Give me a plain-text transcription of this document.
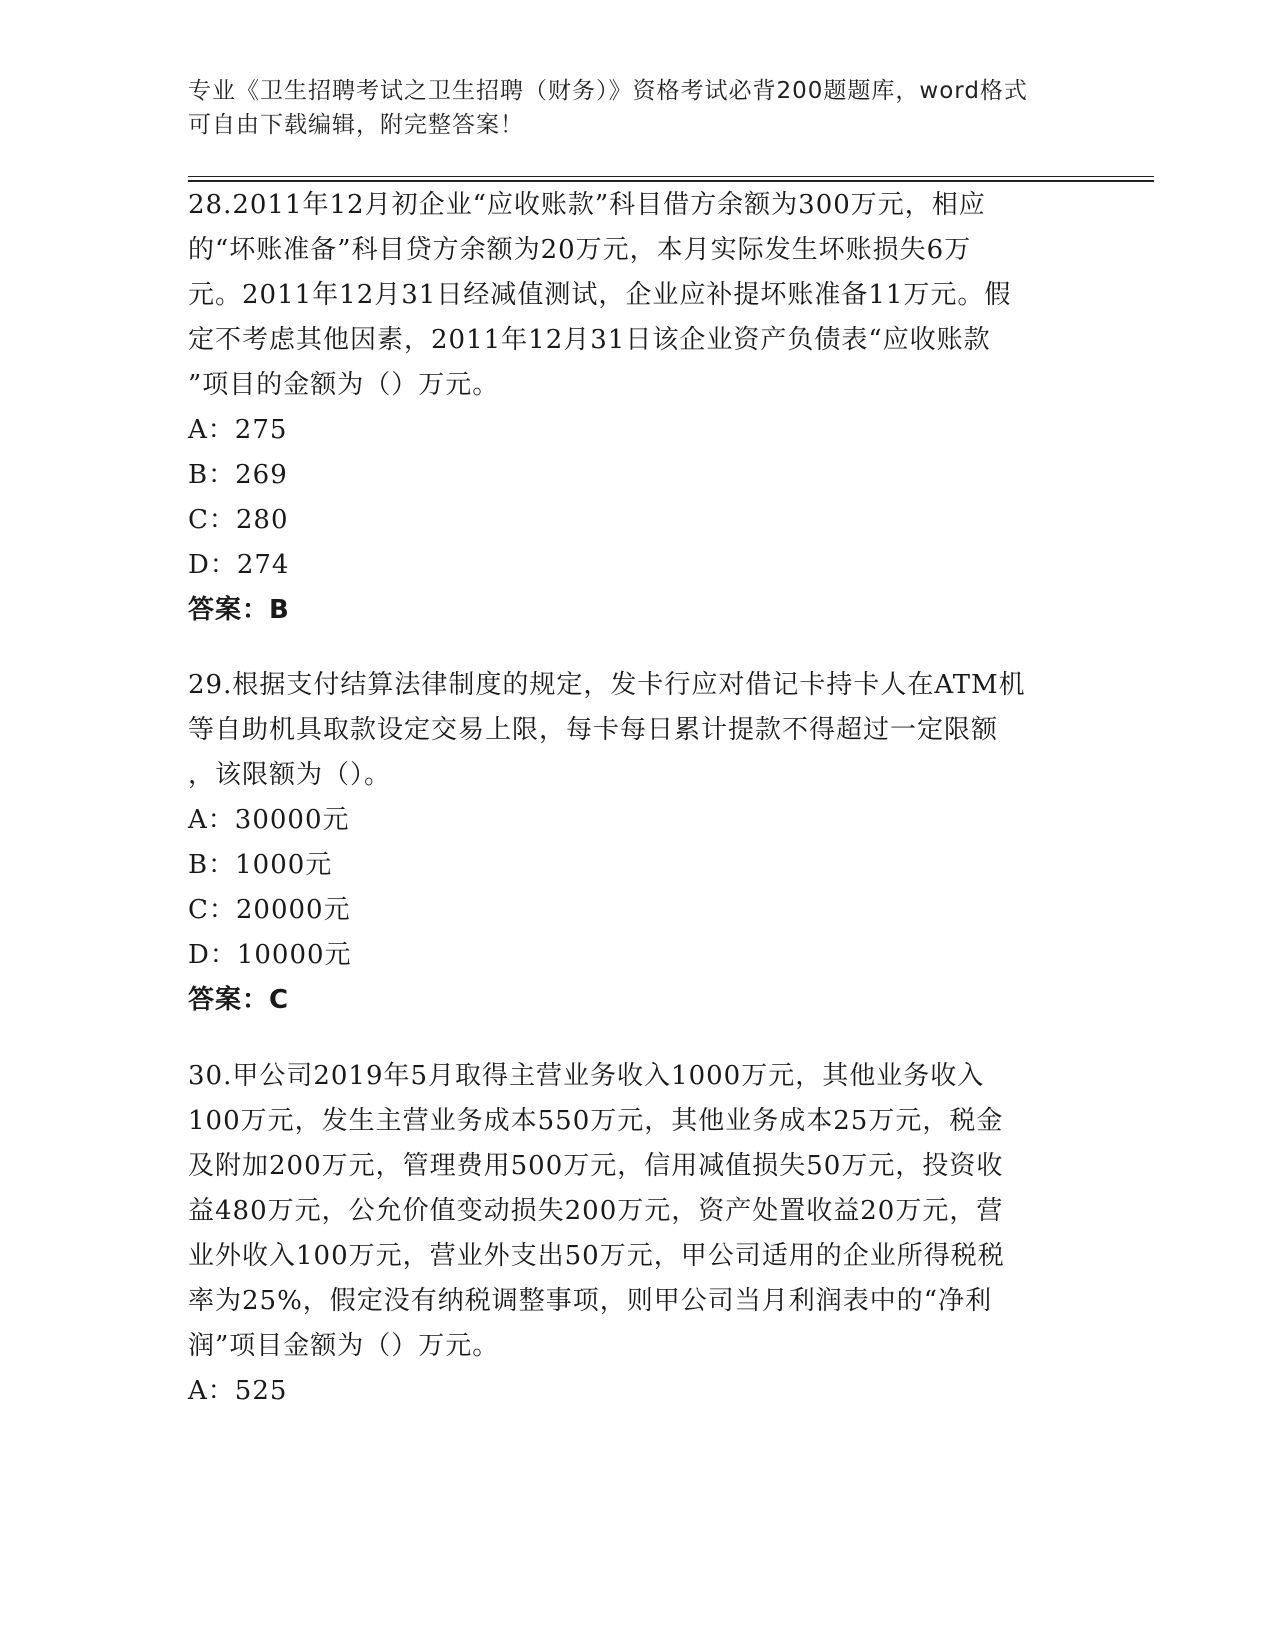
专业《卫生招聘考试之卫生招聘（财务）》资格考试必背200题题库，word格式
可自由下载编辑，附完整答案！
28.2011年12月初企业“应收账款”科目借方余额为300万元，相应
的“坏账准备”科目贷方余额为20万元，本月实际发生坏账损失6万
元。2011年12月31日经减值测试，企业应补提坏账准备11万元。假
定不考虑其他因素，2011年12月31日该企业资产负债表“应收账款
”项目的金额为（）万元。
A：275
B：269
C：280
D：274
答案：B
29.根据支付结算法律制度的规定，发卡行应对借记卡持卡人在ATM机
等自助机具取款设定交易上限，每卡每日累计提款不得超过一定限额
，该限额为（）。
A：30000元
B：1000元
C：20000元
D：10000元
答案：C
30.甲公司2019年5月取得主营业务收入1000万元，其他业务收入
100万元，发生主营业务成本550万元，其他业务成本25万元，税金
及附加200万元，管理费用500万元，信用减值损失50万元，投资收
益480万元，公允价值变动损失200万元，资产处置收益20万元，营
业外收入100万元，营业外支出50万元，甲公司适用的企业所得税税
率为25%，假定没有纳税调整事项，则甲公司当月利润表中的“净利
润”项目金额为（）万元。
A：525
